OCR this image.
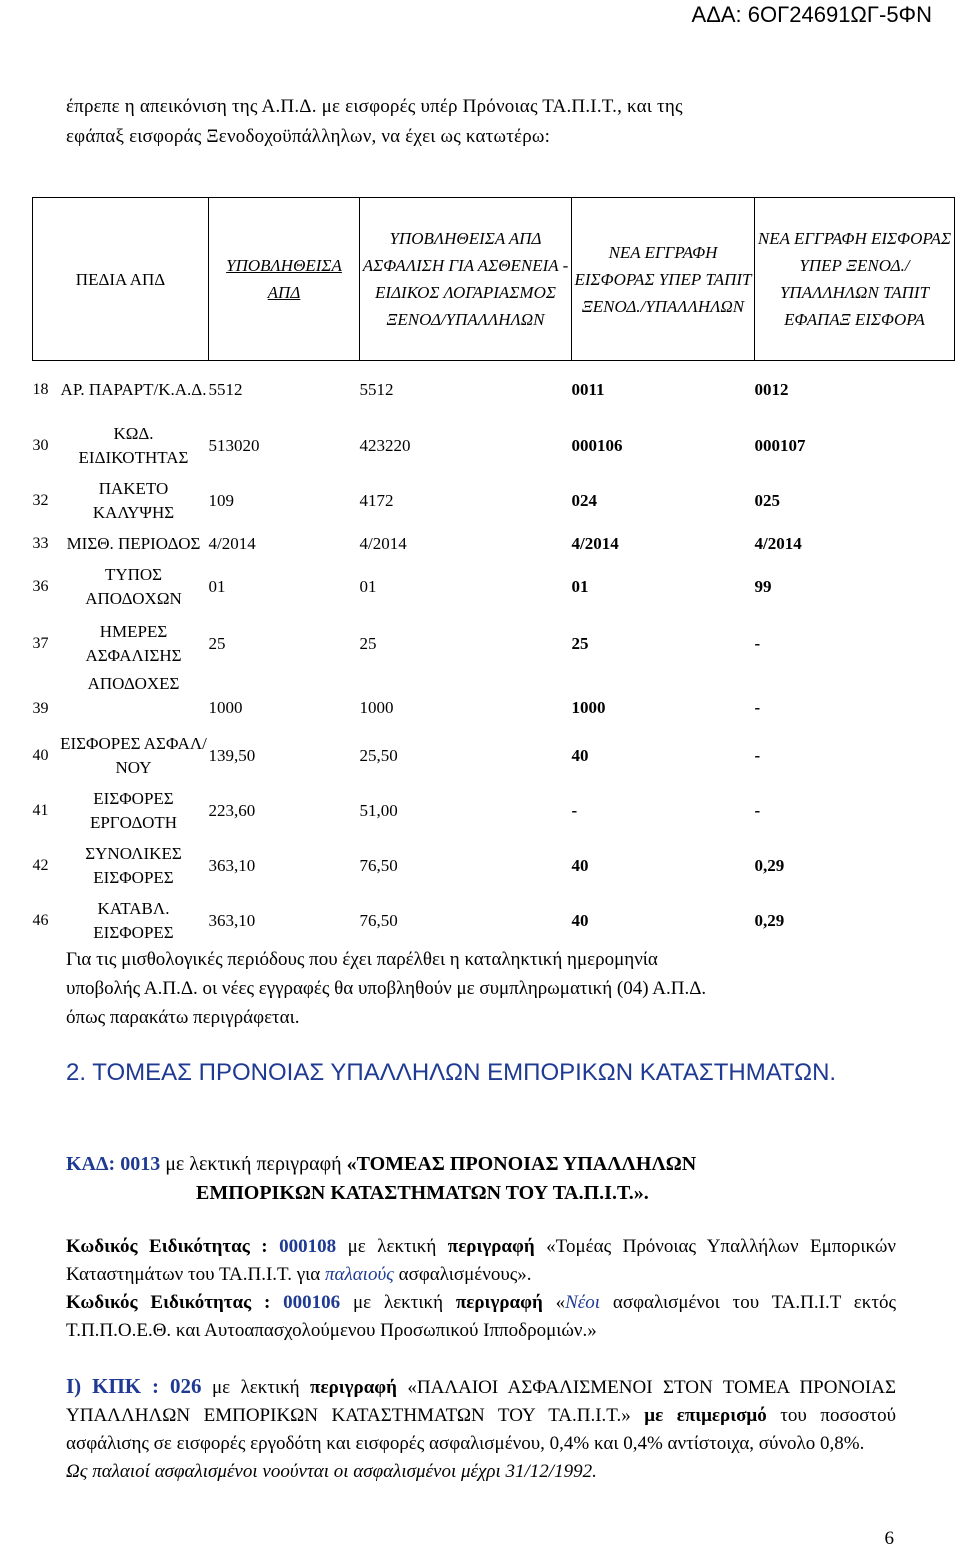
ΑΔΑ: 6ΟΓ24691ΩΓ-5ΦΝ

έπρεπε η απεικόνιση της Α.Π.Δ. με εισφορές υπέρ Πρόνοιας ΤΑ.Π.Ι.Τ., και της

εφάπαξ εισφοράς Ξενοδοχοϋπάλληλων, να έχει ως κατωτέρω:

ΠΕΔΙΑ ΑΠΔ		ΥΠΟΒΛΗΘΕΙΣΑ ΑΠΔ	ΥΠΟΒΛΗΘΕΙΣΑ ΑΠΔ ΑΣΦΑΛΙΣΗ ΓΙΑ ΑΣΘΕΝΕΙΑ - ΕΙΔΙΚΟΣ ΛΟΓΑΡΙΑΣΜΟΣ ΞΕΝΟΔ/ΥΠΑΛΛΗΛΩΝ	ΝΕΑ ΕΓΓΡΑΦΗ ΕΙΣΦΟΡΑΣ ΥΠΕΡ ΤΑΠΙΤ ΞΕΝΟΔ./ΥΠΑΛΛΗΛΩΝ	ΝΕΑ ΕΓΓΡΑΦΗ ΕΙΣΦΟΡΑΣ ΥΠΕΡ ΞΕΝΟΔ./ΥΠΑΛΛΗΛΩΝ ΤΑΠΙΤ ΕΦΑΠΑΞ ΕΙΣΦΟΡΑ
18	ΑΡ. ΠΑΡΑΡΤ/Κ.Α.Δ.	5512	5512	0011	0012
30	ΚΩΔ. ΕΙΔΙΚΟΤΗΤΑΣ	513020	423220	000106	000107
32	ΠΑΚΕΤΟ ΚΑΛΥΨΗΣ	109	4172	024	025
33	ΜΙΣΘ. ΠΕΡΙΟΔΟΣ	4/2014	4/2014	4/2014	4/2014
36	ΤΥΠΟΣ ΑΠΟΔΟΧΩΝ	01	01	01	99
37	ΗΜΕΡΕΣ ΑΣΦΑΛΙΣΗΣ	25	25	25	-
39	ΑΠΟΔΟΧΕΣ	1000	1000	1000	-
40	ΕΙΣΦΟΡΕΣ ΑΣΦΑΛ/ΝΟΥ	139,50	25,50	40	-
41	ΕΙΣΦΟΡΕΣ ΕΡΓΟΔΟΤΗ	223,60	51,00	-	-
42	ΣΥΝΟΛΙΚΕΣ ΕΙΣΦΟΡΕΣ	363,10	76,50	40	0,29
46	ΚΑΤΑΒΛ. ΕΙΣΦΟΡΕΣ	363,10	76,50	40	0,29

Για τις μισθολογικές περιόδους που έχει παρέλθει η καταληκτική ημερομηνία

υποβολής Α.Π.Δ. οι νέες εγγραφές θα υποβληθούν με συμπληρωματική (04) Α.Π.Δ.

όπως παρακάτω περιγράφεται.

2. ΤΟΜΕΑΣ ΠΡΟΝΟΙΑΣ ΥΠΑΛΛΗΛΩΝ ΕΜΠΟΡΙΚΩΝ ΚΑΤΑΣΤΗΜΑΤΩΝ.
ΚΑΔ: 0013 με λεκτική περιγραφή «ΤΟΜΕΑΣ ΠΡΟΝΟΙΑΣ ΥΠΑΛΛΗΛΩΝ
ΕΜΠΟΡΙΚΩΝ ΚΑΤΑΣΤΗΜΑΤΩΝ ΤΟΥ ΤΑ.Π.Ι.Τ.».

Κωδικός Ειδικότητας : 000108 με λεκτική περιγραφή «Τομέας Πρόνοιας Υπαλλήλων Εμπορικών Καταστημάτων του ΤΑ.Π.Ι.Τ. για παλαιούς ασφαλισμένους».

Κωδικός Ειδικότητας : 000106 με λεκτική περιγραφή «Νέοι ασφαλισμένοι του ΤΑ.Π.Ι.Τ εκτός Τ.Π.Π.Ο.Ε.Θ. και Αυτοαπασχολούμενου Προσωπικού Ιπποδρομιών.»

Ι) ΚΠΚ : 026 με λεκτική περιγραφή «ΠΑΛΑΙΟΙ ΑΣΦΑΛΙΣΜΕΝΟΙ ΣΤΟΝ ΤΟΜΕΑ ΠΡΟΝΟΙΑΣ ΥΠΑΛΛΗΛΩΝ ΕΜΠΟΡΙΚΩΝ ΚΑΤΑΣΤΗΜΑΤΩΝ ΤΟΥ ΤΑ.Π.Ι.Τ.» με επιμερισμό του ποσοστού ασφάλισης σε εισφορές εργοδότη και εισφορές ασφαλισμένου, 0,4% και 0,4% αντίστοιχα, σύνολο 0,8%.

Ως παλαιοί ασφαλισμένοι νοούνται οι ασφαλισμένοι μέχρι 31/12/1992.

6
